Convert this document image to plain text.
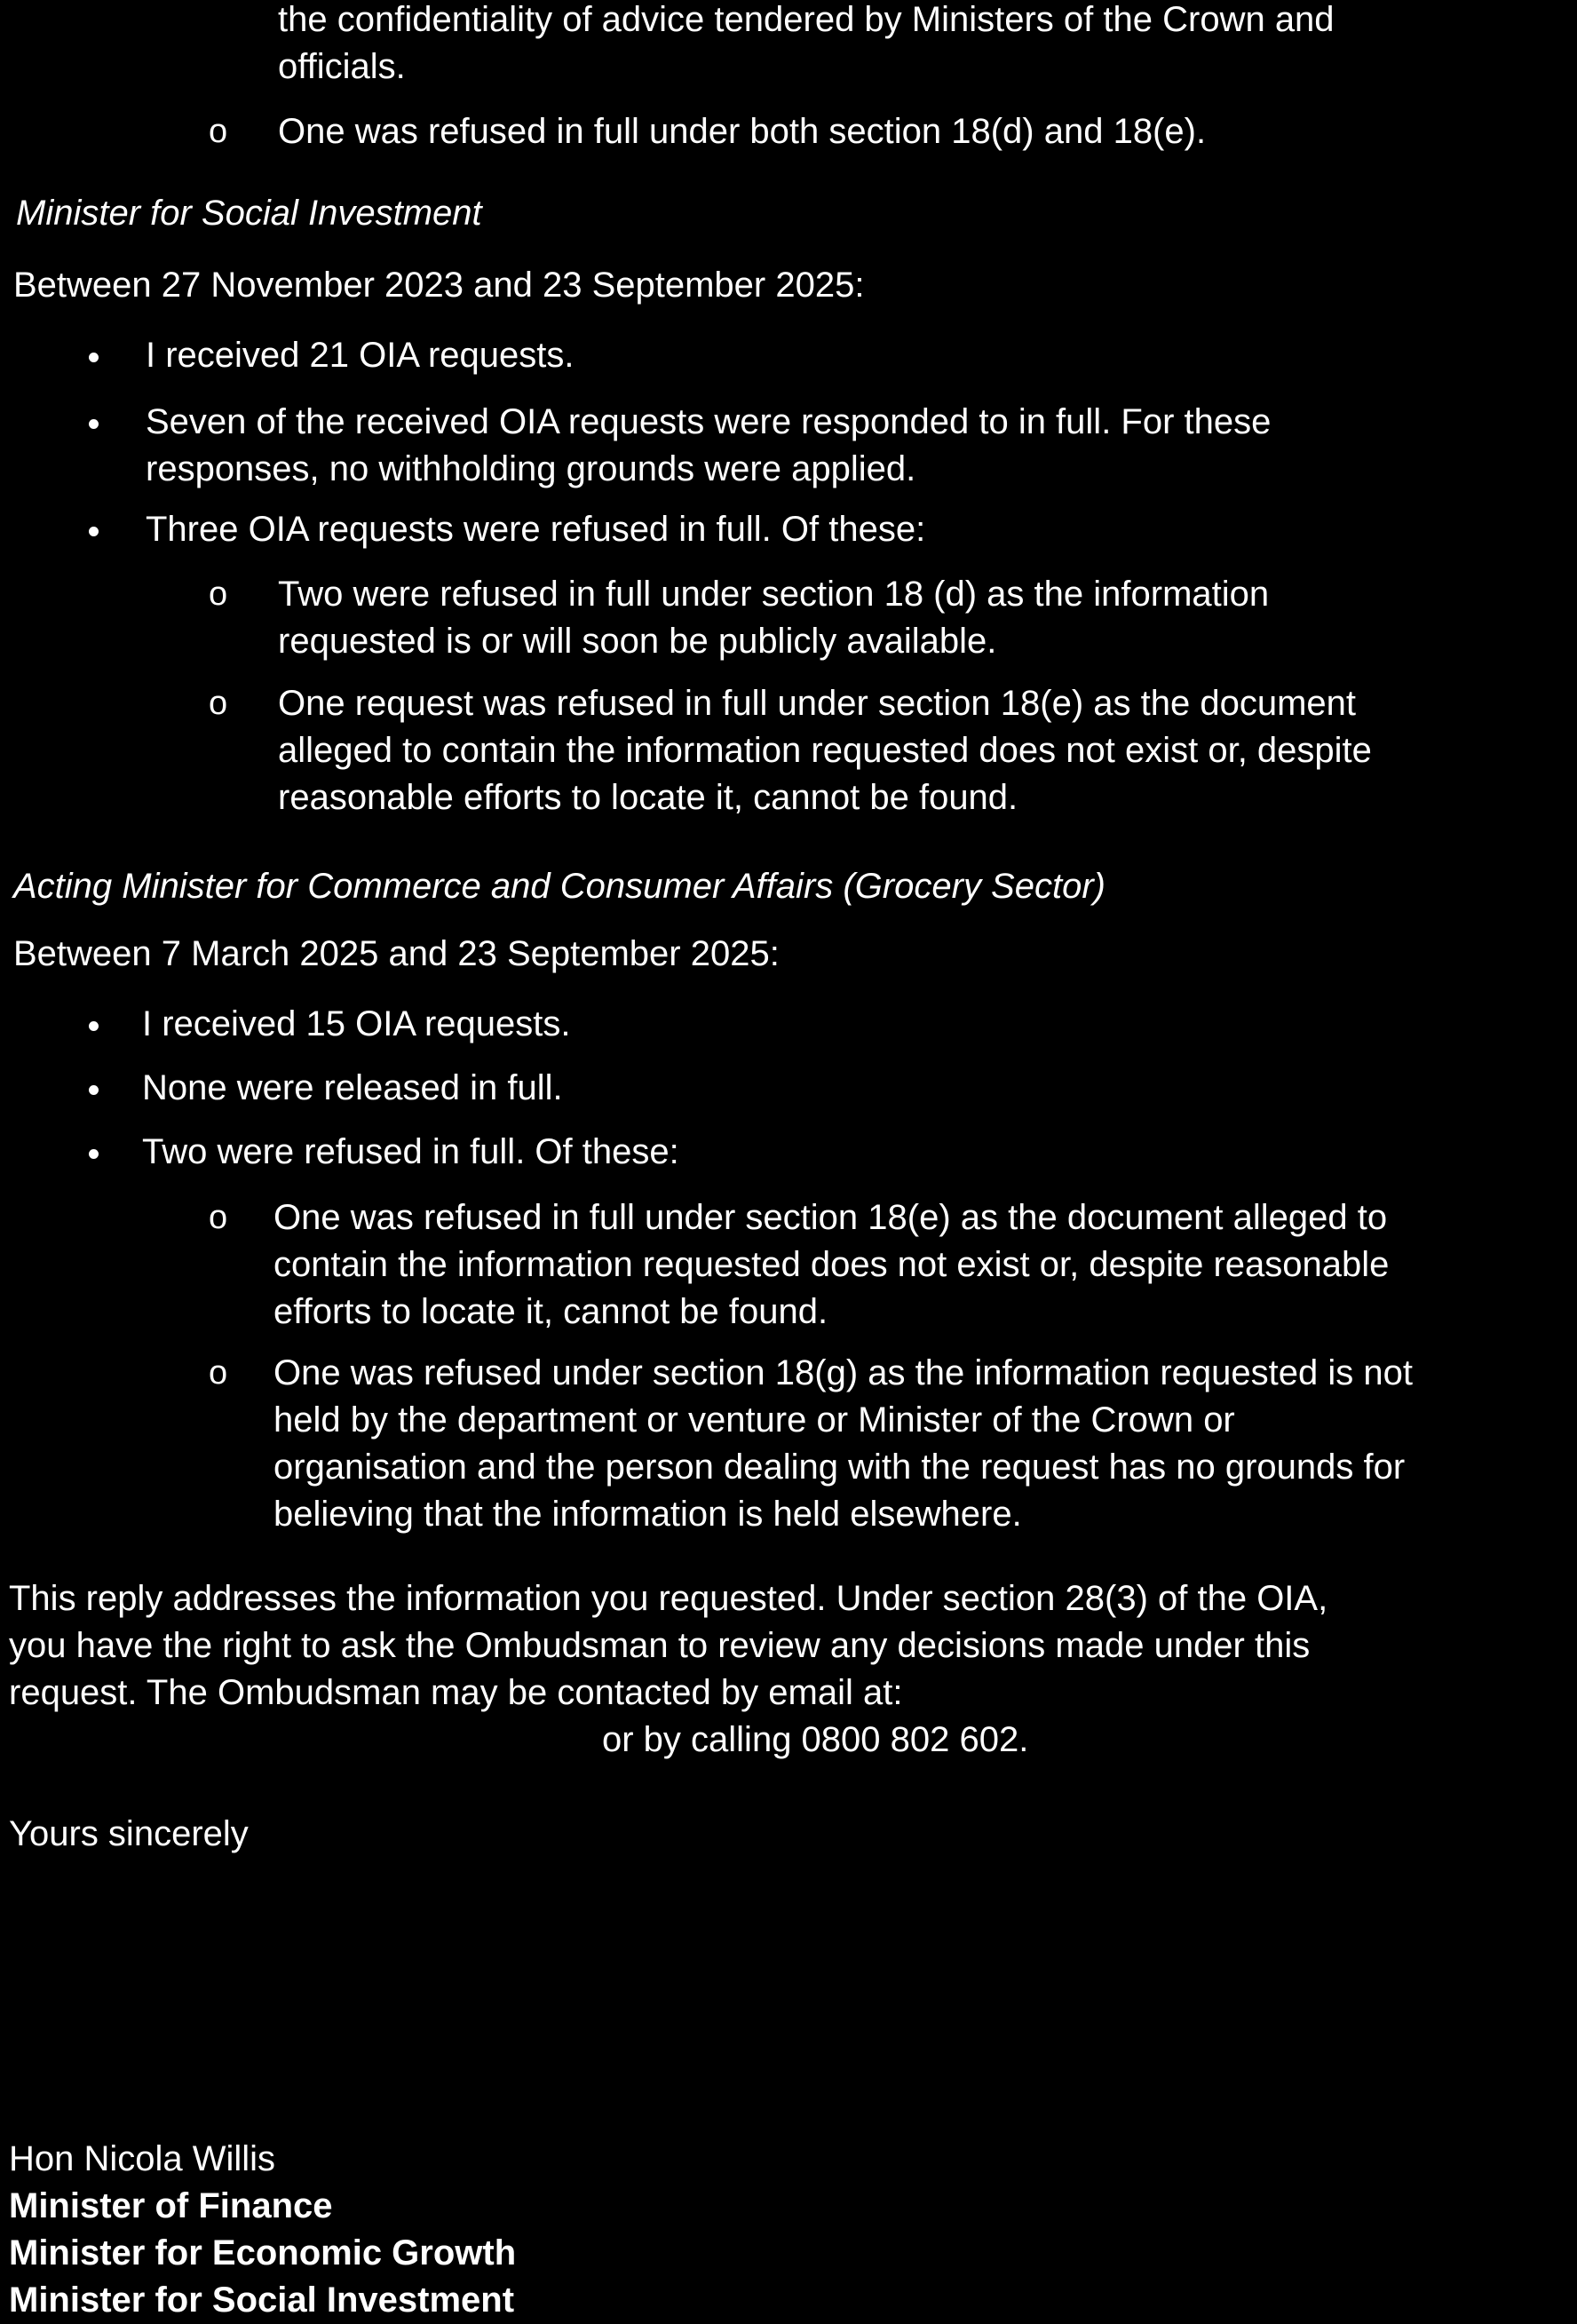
the confidentiality of advice tendered by Ministers of the Crown and

officials.

o One was refused in full under both section 18(d) and 18(e).

Minister for Social Investment

Between 27 November 2023 and 23 September 2025:

I received 21 OIA requests.

Seven of the received OIA requests were responded to in full. For these

responses, no withholding grounds were applied.

Three OIA requests were refused in full. Of these:

o Two were refused in full under section 18 (d) as the information

requested is or will soon be publicly available.

o One request was refused in full under section 18(e) as the document

alleged to contain the information requested does not exist or, despite

reasonable efforts to locate it, cannot be found.

Acting Minister for Commerce and Consumer Affairs (Grocery Sector)

Between 7 March 2025 and 23 September 2025:

I received 15 OIA requests.

None were released in full.

Two were refused in full. Of these:

o One was refused in full under section 18(e) as the document alleged to

contain the information requested does not exist or, despite reasonable

efforts to locate it, cannot be found.

o One was refused under section 18(g) as the information requested is not

held by the department or venture or Minister of the Crown or

organisation and the person dealing with the request has no grounds for

believing that the information is held elsewhere.

This reply addresses the information you requested. Under section 28(3) of the OIA,

you have the right to ask the Ombudsman to review any decisions made under this

request. The Ombudsman may be contacted by email at:

or by calling 0800 802 602.

Yours sincerely

Hon Nicola Willis

Minister of Finance

Minister for Economic Growth

Minister for Social Investment
